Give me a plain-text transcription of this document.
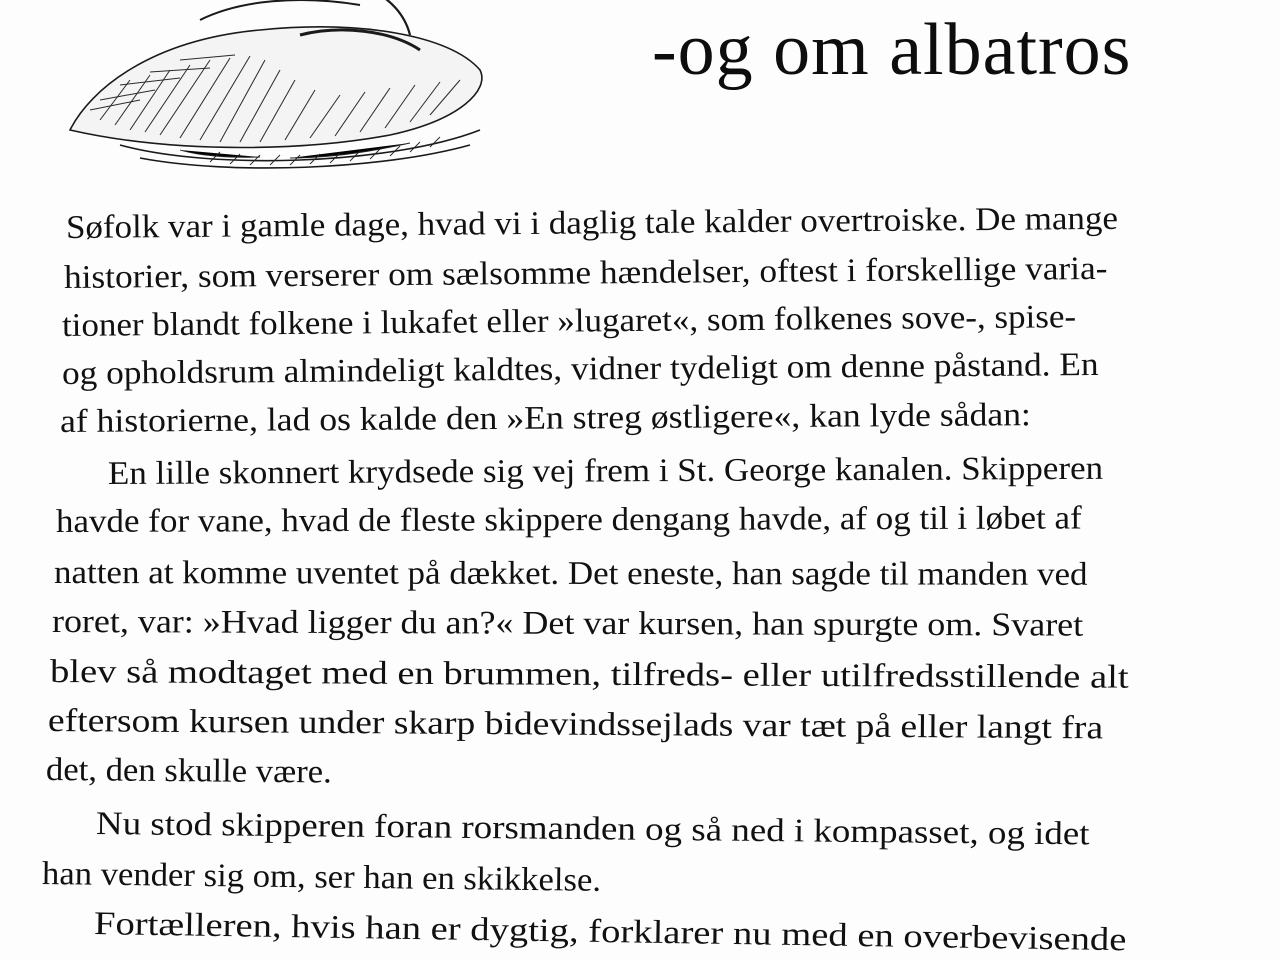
-og om albatros
Søfolk var i gamle dage, hvad vi i daglig tale kalder overtroiske. De mange
historier, som verserer om sælsomme hændelser, oftest i forskellige varia-
tioner blandt folkene i lukafet eller »lugaret«, som folkenes sove-, spise-
og opholdsrum almindeligt kaldtes, vidner tydeligt om denne påstand. En
af historierne, lad os kalde den »En streg østligere«, kan lyde sådan:
En lille skonnert krydsede sig vej frem i St. George kanalen. Skipperen
havde for vane, hvad de fleste skippere dengang havde, af og til i løbet af
natten at komme uventet på dækket. Det eneste, han sagde til manden ved
roret, var: »Hvad ligger du an?« Det var kursen, han spurgte om. Svaret
blev så modtaget med en brummen, tilfreds- eller utilfredsstillende alt
eftersom kursen under skarp bidevindssejlads var tæt på eller langt fra
det, den skulle være.
Nu stod skipperen foran rorsmanden og så ned i kompasset, og idet
han vender sig om, ser han en skikkelse.
Fortælleren, hvis han er dygtig, forklarer nu med en overbevisende
